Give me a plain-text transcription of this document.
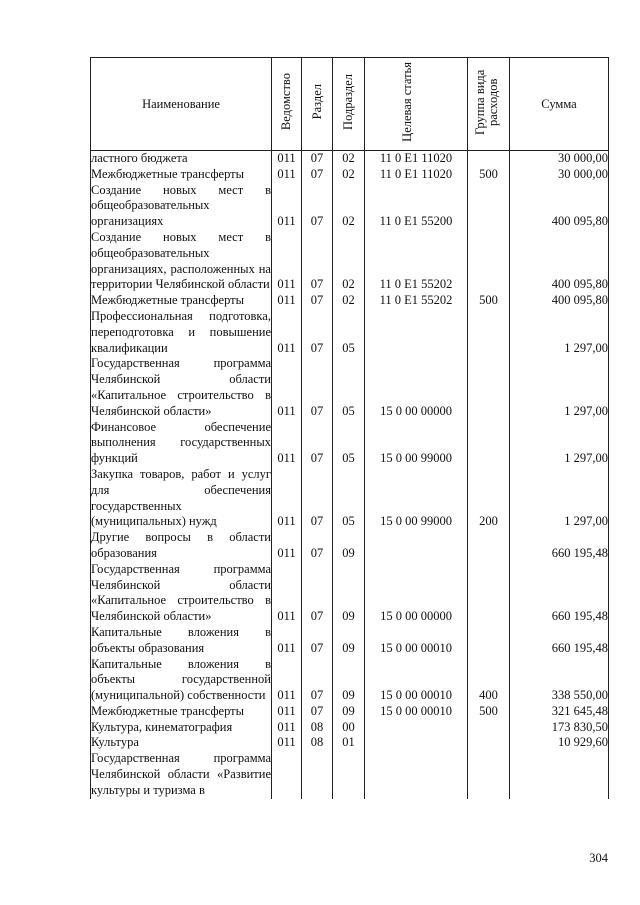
Наименование	Ведомство	Раздел	Подраздел	Целевая статья	Группа вида расходов	Сумма
ластного бюджета	011	07	02	11 0 E1 11020		30 000,00
Межбюджетные трансферты	011	07	02	11 0 E1 11020	500	30 000,00
Создание новых мест в общеобразовательных организациях	011	07	02	11 0 E1 55200		400 095,80
Создание новых мест в общеобразовательных организациях, расположенных на территории Челябинской области	011	07	02	11 0 E1 55202		400 095,80
Межбюджетные трансферты	011	07	02	11 0 E1 55202	500	400 095,80
Профессиональная подготовка, переподготовка и повышение квалификации	011	07	05			1 297,00
Государственная программа Челябинской области «Капитальное строительство в Челябинской области»	011	07	05	15 0 00 00000		1 297,00
Финансовое обеспечение выполнения государственных функций	011	07	05	15 0 00 99000		1 297,00
Закупка товаров, работ и услуг для обеспечения государственных (муниципальных) нужд	011	07	05	15 0 00 99000	200	1 297,00
Другие вопросы в области образования	011	07	09			660 195,48
Государственная программа Челябинской области «Капитальное строительство в Челябинской области»	011	07	09	15 0 00 00000		660 195,48
Капитальные вложения в объекты образования	011	07	09	15 0 00 00010		660 195,48
Капитальные вложения в объекты государственной (муниципальной) собственности	011	07	09	15 0 00 00010	400	338 550,00
Межбюджетные трансферты	011	07	09	15 0 00 00010	500	321 645,48
Культура, кинематография	011	08	00			173 830,50
Культура	011	08	01			10 929,60
Государственная программа Челябинской области «Развитие культуры и туризма в						
304
